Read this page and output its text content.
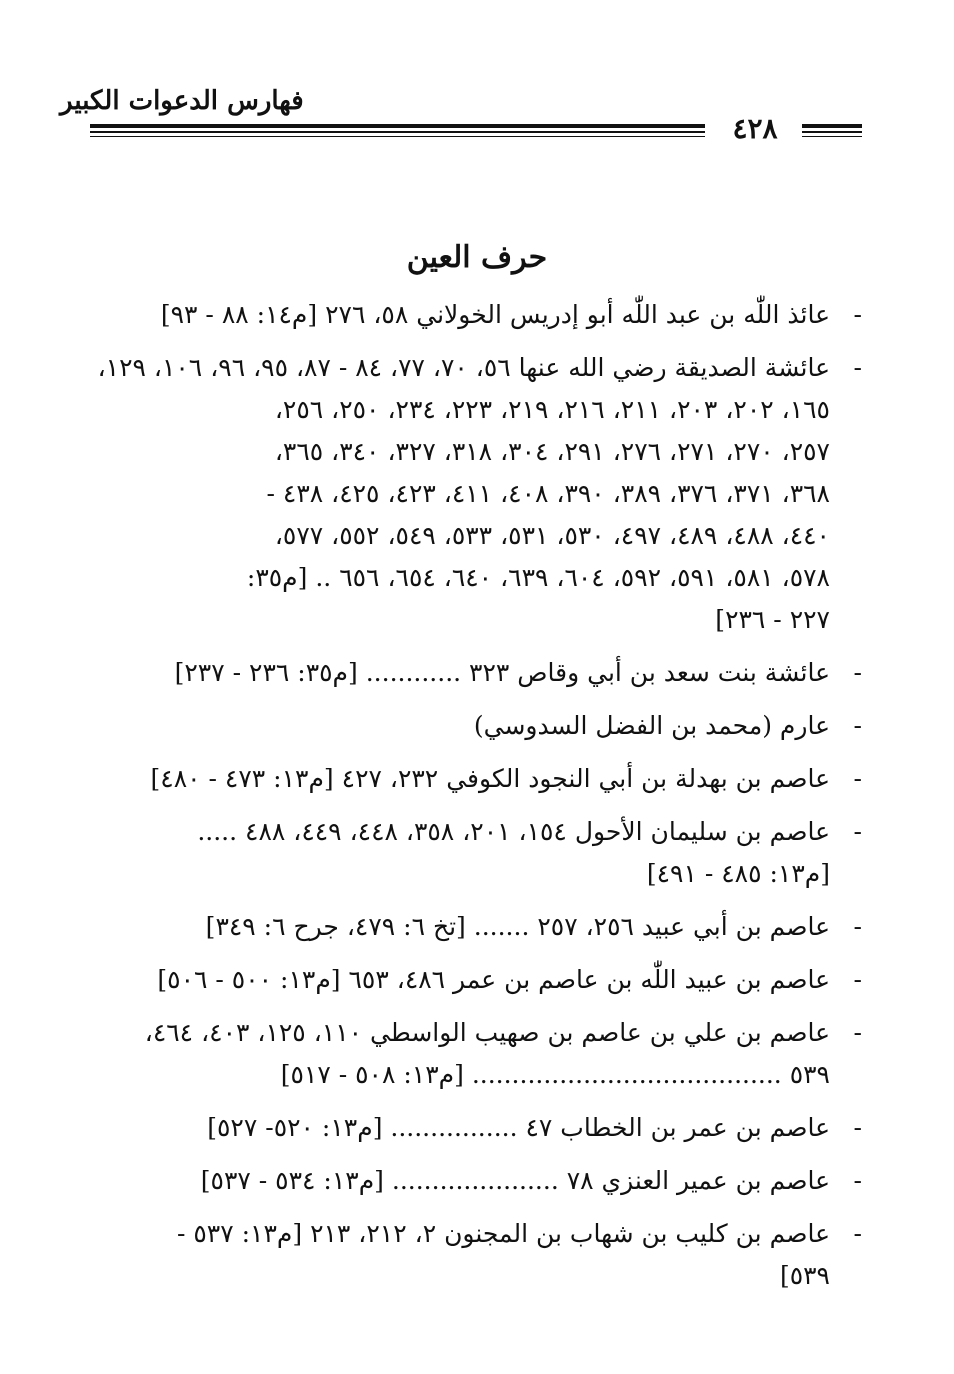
فهارس الدعوات الكبير
٤٢٨
حرف العين
-
عائذ اللّٰه بن عبد اللّٰه أبو إدريس الخولاني ٥٨، ٢٧٦ [م١٤: ٨٨ - ٩٣]
-
عائشة الصديقة رضي الله عنها ٥٦، ٧٠، ٧٧، ٨٤ - ٨٧، ٩٥، ٩٦، ١٠٦، ١٢٩،
١٦٥، ٢٠٢، ٢٠٣، ٢١١، ٢١٦، ٢١٩، ٢٢٣، ٢٣٤، ٢٥٠، ٢٥٦،
٢٥٧، ٢٧٠، ٢٧١، ٢٧٦، ٢٩١، ٣٠٤، ٣١٨، ٣٢٧، ٣٤٠، ٣٦٥،
٣٦٨، ٣٧١، ٣٧٦، ٣٨٩، ٣٩٠، ٤٠٨، ٤١١، ٤٢٣، ٤٢٥، ٤٣٨ -
٤٤٠، ٤٨٨، ٤٨٩، ٤٩٧، ٥٣٠، ٥٣١، ٥٣٣، ٥٤٩، ٥٥٢، ٥٧٧،
٥٧٨، ٥٨١، ٥٩١، ٥٩٢، ٦٠٤، ٦٣٩، ٦٤٠، ٦٥٤، ٦٥٦ .. [م٣٥:
٢٢٧ - ٢٣٦]
-
عائشة بنت سعد بن أبي وقاص ٣٢٣ ............ [م٣٥: ٢٣٦ - ٢٣٧]
-
عارم (محمد بن الفضل السدوسي)
-
عاصم بن بهدلة بن أبي النجود الكوفي ٢٣٢، ٤٢٧ [م١٣: ٤٧٣ - ٤٨٠]
-
عاصم بن سليمان الأحول ١٥٤، ٢٠١، ٣٥٨، ٤٤٨، ٤٤٩، ٤٨٨ .....
[م١٣: ٤٨٥ - ٤٩١]
-
عاصم بن أبي عبيد ٢٥٦، ٢٥٧ ....... [تخ ٦: ٤٧٩، جرح ٦: ٣٤٩]
-
عاصم بن عبيد اللّٰه بن عاصم بن عمر ٤٨٦، ٦٥٣ [م١٣: ٥٠٠ - ٥٠٦]
-
عاصم بن علي بن عاصم بن صهيب الواسطي ١١٠، ١٢٥، ٤٠٣، ٤٦٤،
٥٣٩ ....................................... [م١٣: ٥٠٨ - ٥١٧]
-
عاصم بن عمر بن الخطاب ٤٧ ................ [م١٣: ٥٢٠- ٥٢٧]
-
عاصم بن عمير العنزي ٧٨ ..................... [م١٣: ٥٣٤ - ٥٣٧]
-
عاصم بن كليب بن شهاب بن المجنون ٢، ٢١٢، ٢١٣ [م١٣: ٥٣٧ -
٥٣٩]
